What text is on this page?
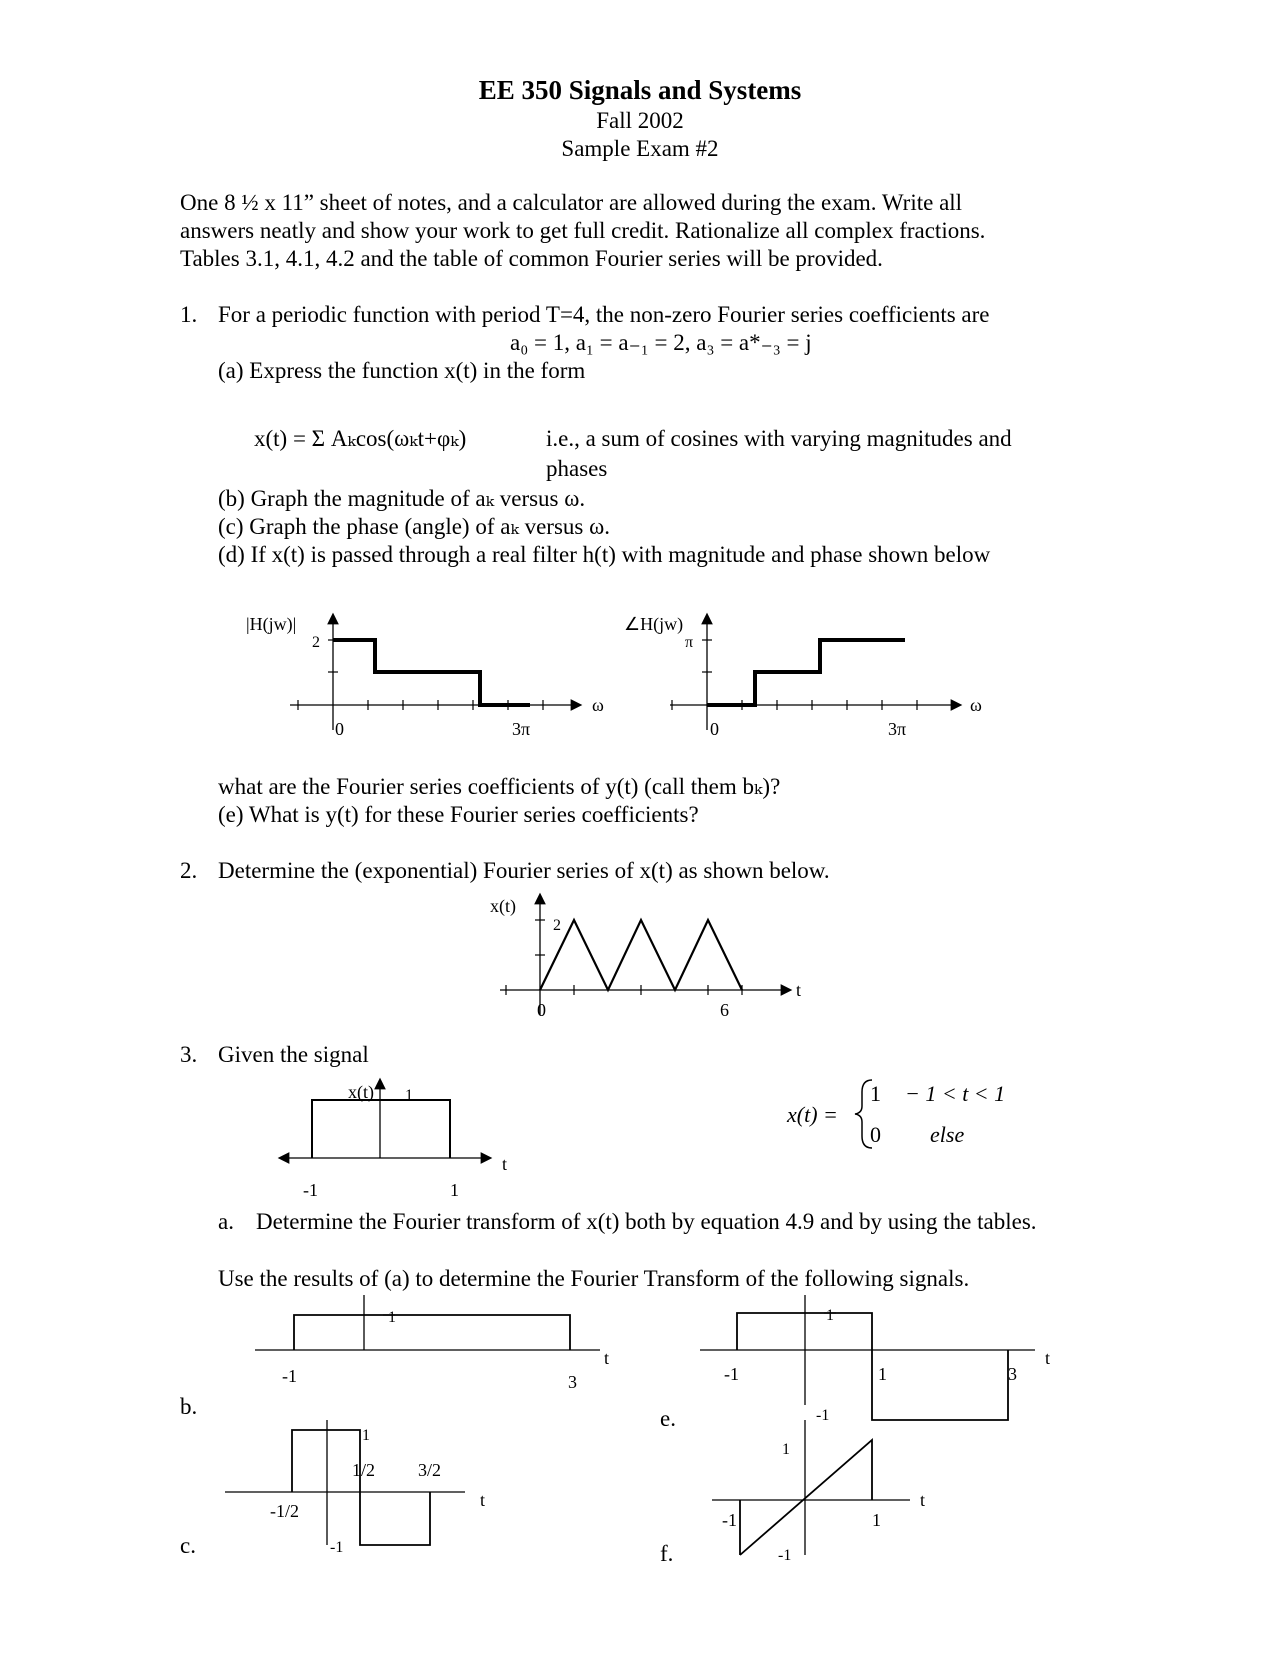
EE 350 Signals and Systems
Fall 2002
Sample Exam #2
One 8 ½ x 11” sheet of notes, and a calculator are allowed during the exam. Write all
answers neatly and show your work to get full credit. Rationalize all complex fractions.
Tables 3.1, 4.1, 4.2 and the table of common Fourier series will be provided.
1. For a periodic function with period T=4, the non-zero Fourier series coefficients are
a₀ = 1, a₁ = a₋₁ = 2, a₃ = a*₋₃ = j
(a) Express the function x(t) in the form
x(t) = Σ Aₖcos(ωₖt+φₖ)	i.e., a sum of cosines with varying magnitudes and
phases
(b) Graph the magnitude of aₖ versus ω.
(c) Graph the phase (angle) of aₖ versus ω.
(d) If x(t) is passed through a real filter h(t) with magnitude and phase shown below
what are the Fourier series coefficients of y(t) (call them bₖ)?
(e) What is y(t) for these Fourier series coefficients?
2. Determine the (exponential) Fourier series of x(t) as shown below.
3. Given the signal
a. Determine the Fourier transform of x(t) both by equation 4.9 and by using the tables.
Use the results of (a) to determine the Fourier Transform of the following signals.
b.
c.
e.
f.
|H(jw)|
2
ω
0	3π
∠H(jw)
π
ω
0	3π
x(t)
2
0	6
t
x(t) 1
-1	1
t
x(t) =
1 − 1 < t < 1
0 else
1
-1	3
t
1
-1
-1/2
1/2 3/2
t
1
-1
-1	1	3
t
1
-1
-1	1
t
